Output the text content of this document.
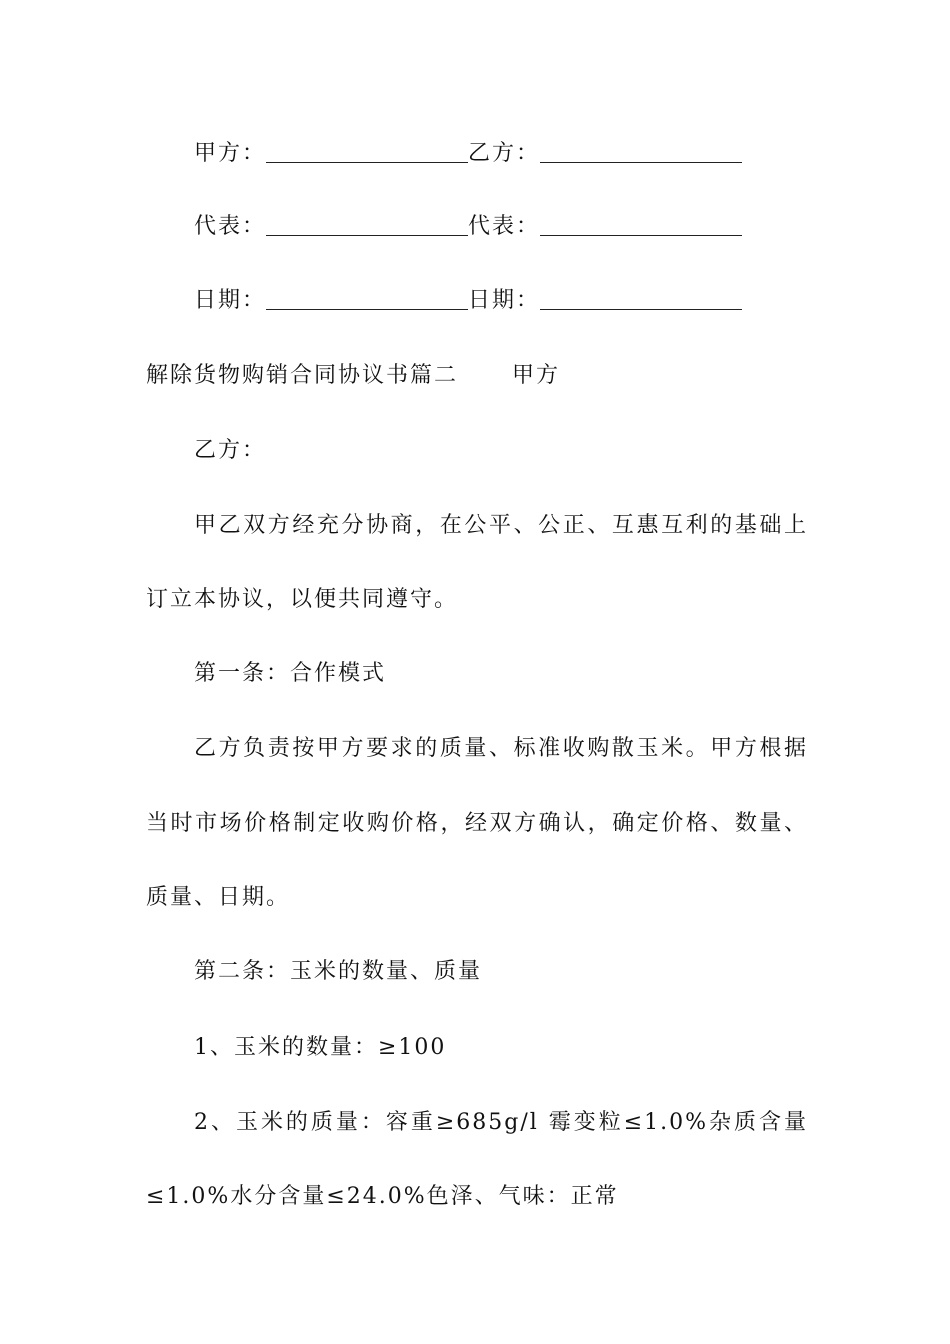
甲方：	乙方：
代表：	代表：
日期：	日期：
解除货物购销合同协议书篇二 甲方
乙方：
甲乙双方经充分协商，在公平、公正、互惠互利的基础上
订立本协议，以便共同遵守。
第一条：合作模式
乙方负责按甲方要求的质量、标准收购散玉米。甲方根据
当时市场价格制定收购价格，经双方确认，确定价格、数量、
质量、日期。
第二条：玉米的数量、质量
1、玉米的数量：≥100
2、玉米的质量：容重≥685g/l 霉变粒≤1.0%杂质含量
≤1.0%水分含量≤24.0%色泽、气味：正常
